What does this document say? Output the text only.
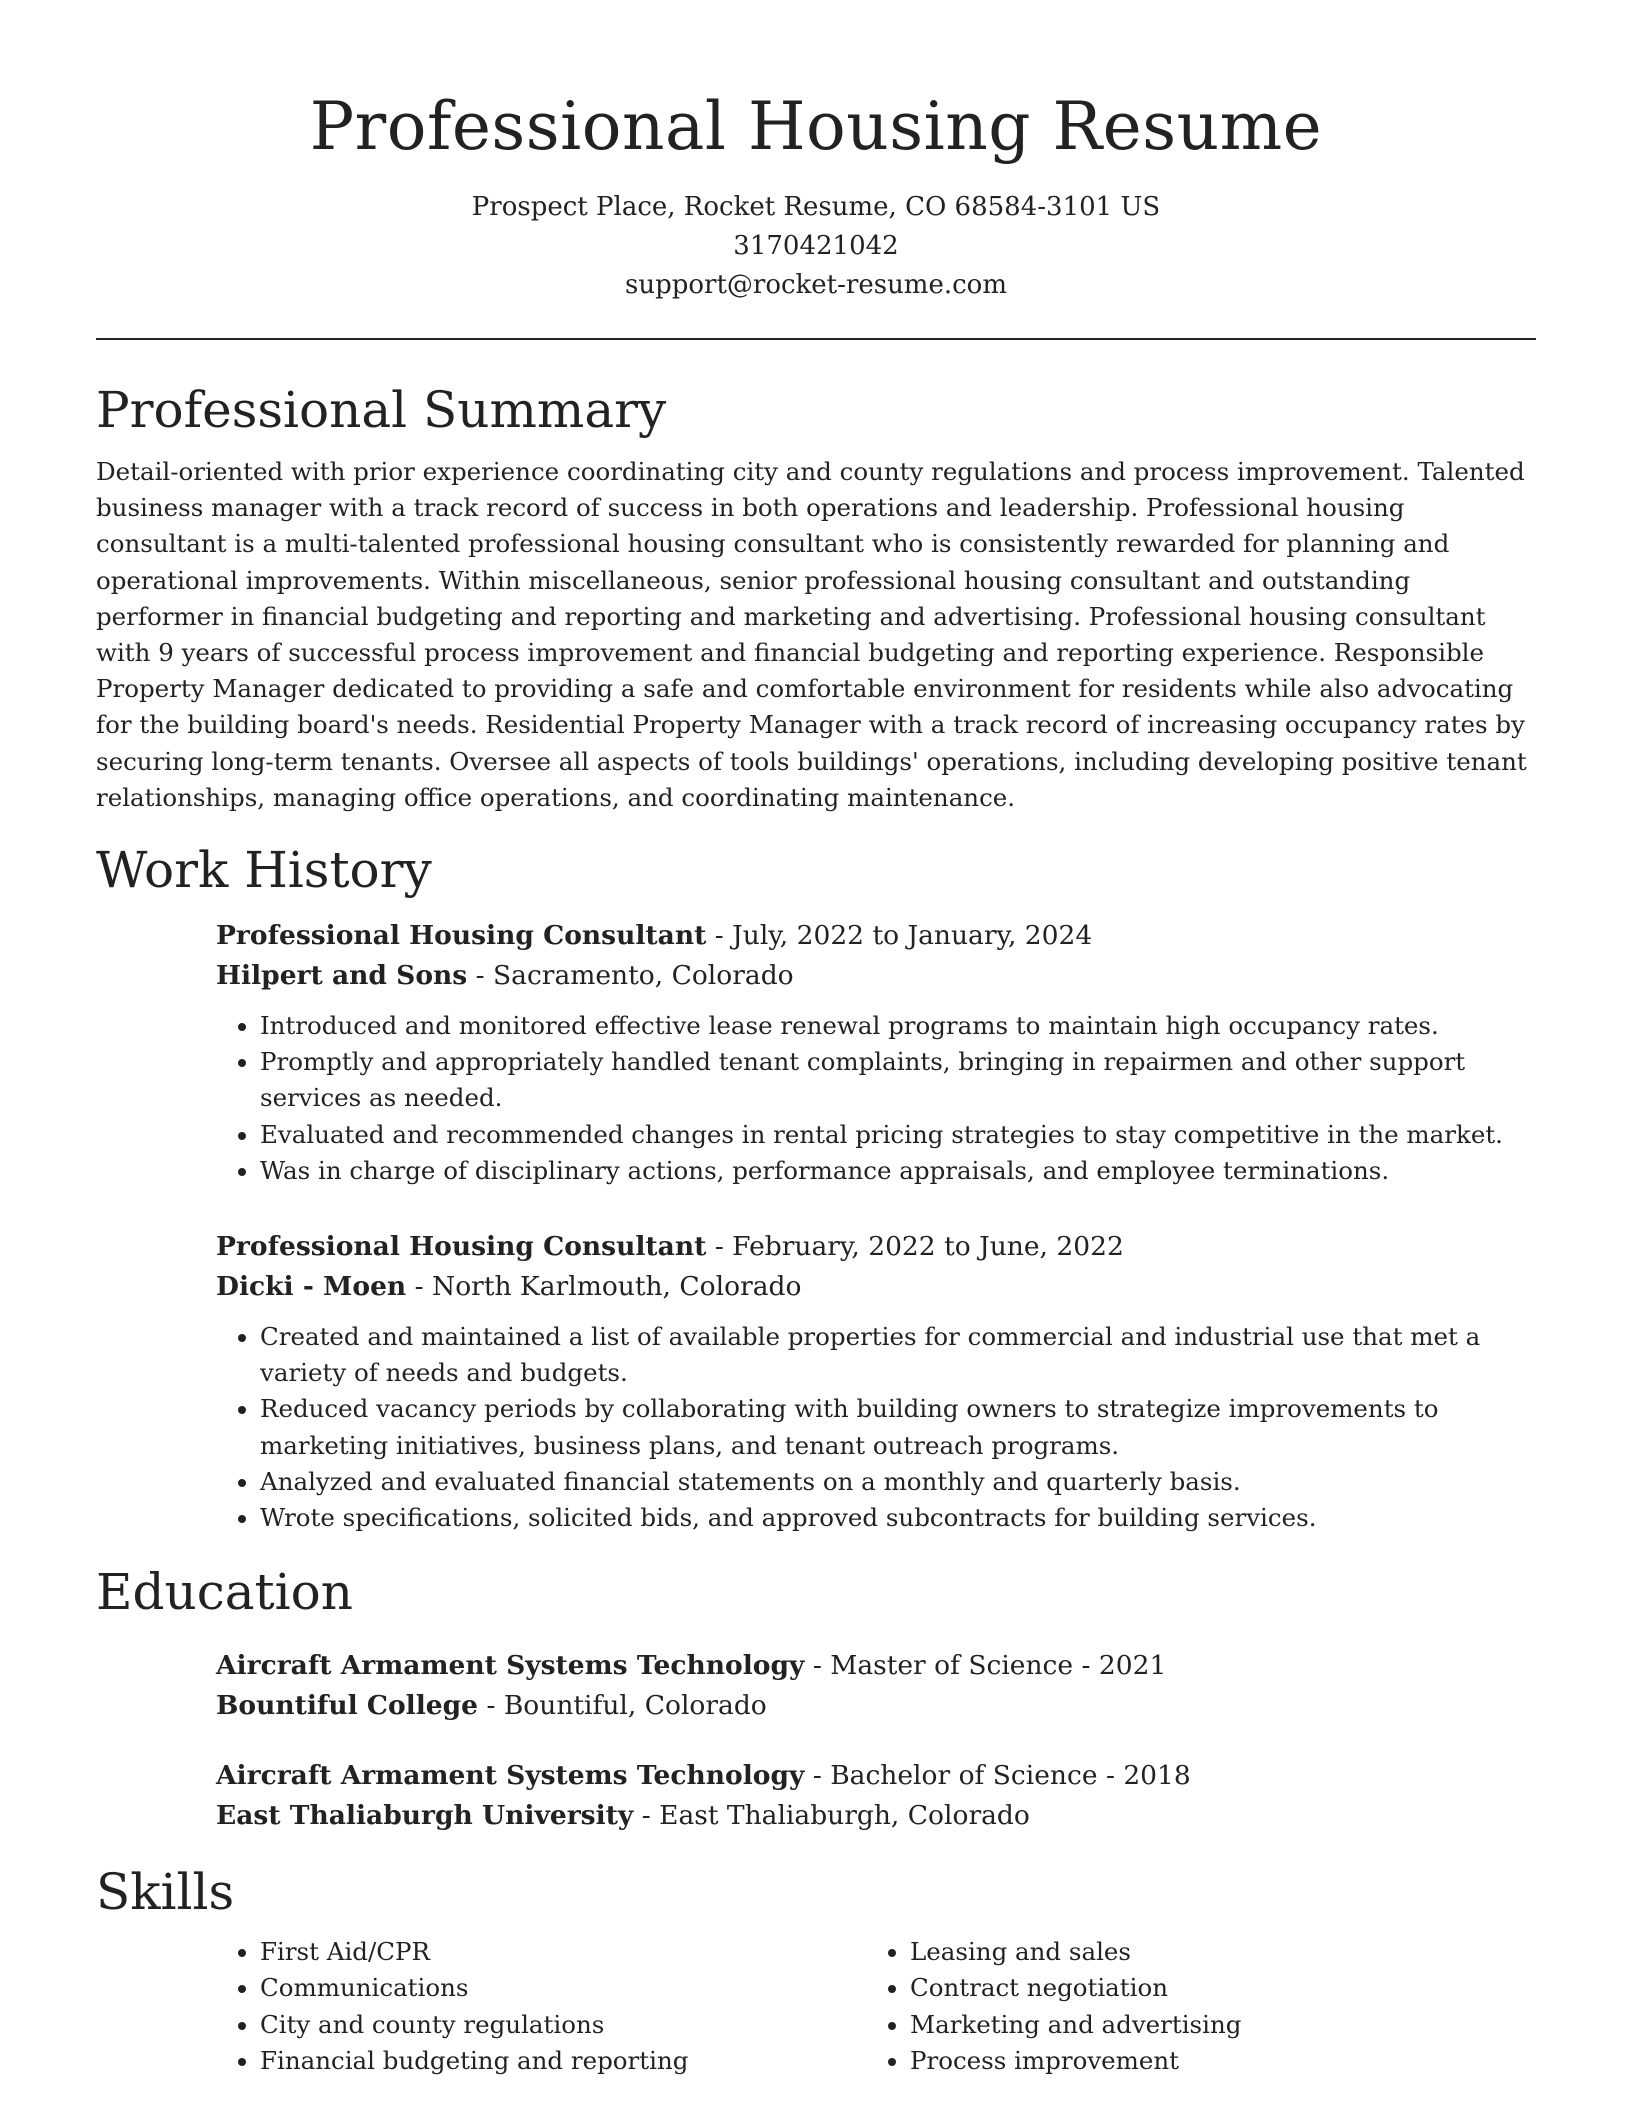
Professional Housing Resume
Prospect Place, Rocket Resume, CO 68584-3101 US
3170421042
support@rocket-resume.com
Professional Summary

Detail-oriented with prior experience coordinating city and county regulations and process improvement. Talented business manager with a track record of success in both operations and leadership. Professional housing consultant is a multi-talented professional housing consultant who is consistently rewarded for planning and operational improvements. Within miscellaneous, senior professional housing consultant and outstanding performer in financial budgeting and reporting and marketing and advertising. Professional housing consultant with 9 years of successful process improvement and financial budgeting and reporting experience. Responsible Property Manager dedicated to providing a safe and comfortable environment for residents while also advocating for the building board's needs. Residential Property Manager with a track record of increasing occupancy rates by securing long-term tenants. Oversee all aspects of tools buildings' operations, including developing positive tenant relationships, managing office operations, and coordinating maintenance.

Work History
Professional Housing Consultant - July, 2022 to January, 2024
Hilpert and Sons - Sacramento, Colorado
• Introduced and monitored effective lease renewal programs to maintain high occupancy rates.
• Promptly and appropriately handled tenant complaints, bringing in repairmen and other support services as needed.
• Evaluated and recommended changes in rental pricing strategies to stay competitive in the market.
• Was in charge of disciplinary actions, performance appraisals, and employee terminations.
Professional Housing Consultant - February, 2022 to June, 2022
Dicki - Moen - North Karlmouth, Colorado
• Created and maintained a list of available properties for commercial and industrial use that met a variety of needs and budgets.
• Reduced vacancy periods by collaborating with building owners to strategize improvements to marketing initiatives, business plans, and tenant outreach programs.
• Analyzed and evaluated financial statements on a monthly and quarterly basis.
• Wrote specifications, solicited bids, and approved subcontracts for building services.
Education
Aircraft Armament Systems Technology - Master of Science - 2021
Bountiful College - Bountiful, Colorado
Aircraft Armament Systems Technology - Bachelor of Science - 2018
East Thaliaburgh University - East Thaliaburgh, Colorado
Skills
• First Aid/CPR
• Communications
• City and county regulations
• Financial budgeting and reporting
• Leasing and sales
• Contract negotiation
• Marketing and advertising
• Process improvement
